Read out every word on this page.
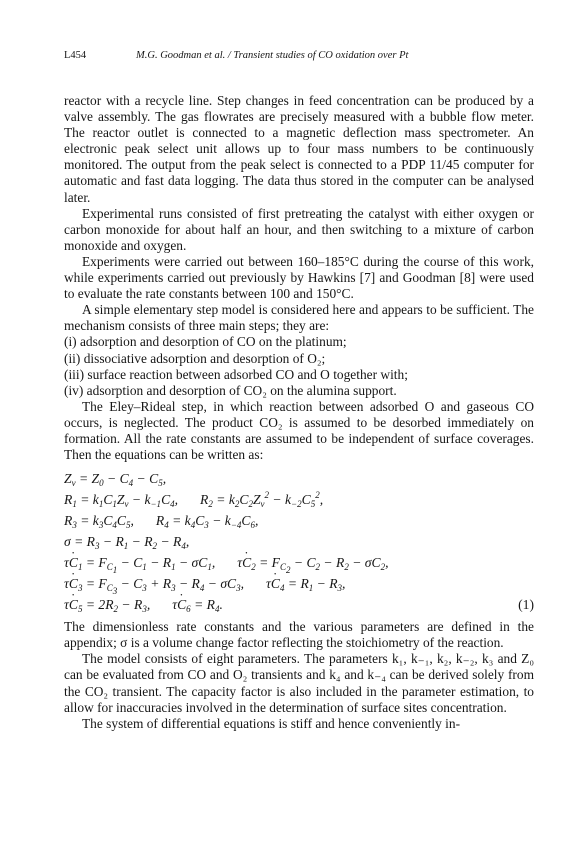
L454	M.G. Goodman et al. / Transient studies of CO oxidation over Pt

reactor with a recycle line. Step changes in feed concentration can be produced by a valve assembly. The gas flowrates are precisely measured with a bubble flow meter. The reactor outlet is connected to a magnetic deflection mass spectrometer. An electronic peak select unit allows up to four mass numbers to be continuously monitored. The output from the peak select is connected to a PDP 11/45 computer for automatic and fast data logging. The data thus stored in the computer can be analysed later.

Experimental runs consisted of first pretreating the catalyst with either oxygen or carbon monoxide for about half an hour, and then switching to a mixture of carbon monoxide and oxygen.

Experiments were carried out between 160–185°C during the course of this work, while experiments carried out previously by Hawkins [7] and Goodman [8] were used to evaluate the rate constants between 100 and 150°C.

A simple elementary step model is considered here and appears to be sufficient. The mechanism consists of three main steps; they are:

(i) adsorption and desorption of CO on the platinum;

(ii) dissociative adsorption and desorption of O₂;

(iii) surface reaction between adsorbed CO and O together with;

(iv) adsorption and desorption of CO₂ on the alumina support.

The Eley–Rideal step, in which reaction between adsorbed O and gaseous CO occurs, is neglected. The product CO₂ is assumed to be desorbed immediately on formation. All the rate constants are assumed to be independent of surface coverages. Then the equations can be written as:

$Z_v = Z_0 - C_4 - C_5$,
$R_1 = k_1C_1Z_v - k_{-1}C_4$, $R_2 = k_2C_2Z_v^2 - k_{-2}C_5^2$,
$R_3 = k_3C_4C_5$, $R_4 = k_4C_3 - k_{-4}C_6$,
$\sigma = R_3 - R_1 - R_2 - R_4$,
τC $˙_1 = F_{C_1} - C_1 - R_1 - \sigma C_1$, τC $˙_2 = F_{C_2} - C_2 - R_2 - \sigma C_2$,
τC $˙_3 = F_{C_3} - C_3 + R_3 - R_4 - \sigma C_3$, τC $˙_4 = R_1 - R_3$,
τC $˙_5 = 2R_2 - R_3$, τC $˙_6 = R_4$.	(1)

The dimensionless rate constants and the various parameters are defined in the appendix; σ is a volume change factor reflecting the stoichiometry of the reaction.

The model consists of eight parameters. The parameters k₁, k₋₁, k₂, k₋₂, k₃ and Z₀ can be evaluated from CO and O₂ transients and k₄ and k₋₄ can be derived solely from the CO₂ transient. The capacity factor is also included in the parameter estimation, to allow for inaccuracies involved in the determination of surface sites concentration.

The system of differential equations is stiff and hence conveniently in-
